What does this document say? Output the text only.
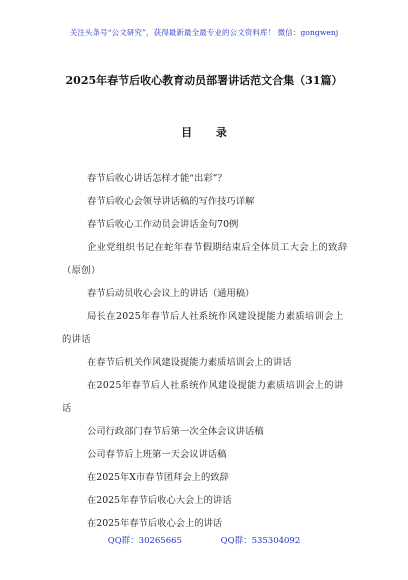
关注头条号“公文研究”，获得最新最全最专业的公文资料库！ 微信：gongwenj
2025年春节后收心教育动员部署讲话范文合集（31篇）
目 录
春节后收心讲话怎样才能“出彩”？
春节后收心会领导讲话稿的写作技巧详解
春节后收心工作动员会讲话金句70例
企业党组织书记在蛇年春节假期结束后全体员工大会上的致辞（原创）
春节后动员收心会议上的讲话（通用稿）
局长在2025年春节后人社系统作风建设提能力素质培训会上的讲话
在春节后机关作风建设提能力素质培训会上的讲话
在2025年春节后人社系统作风建设提能力素质培训会上的讲话
公司行政部门春节后第一次全体会议讲话稿
公司春节后上班第一天会议讲话稿
在2025年X市春节团拜会上的致辞
在2025年春节后收心大会上的讲话
在2025年春节后收心会上的讲话
QQ群：30265665	QQ群：535304092
